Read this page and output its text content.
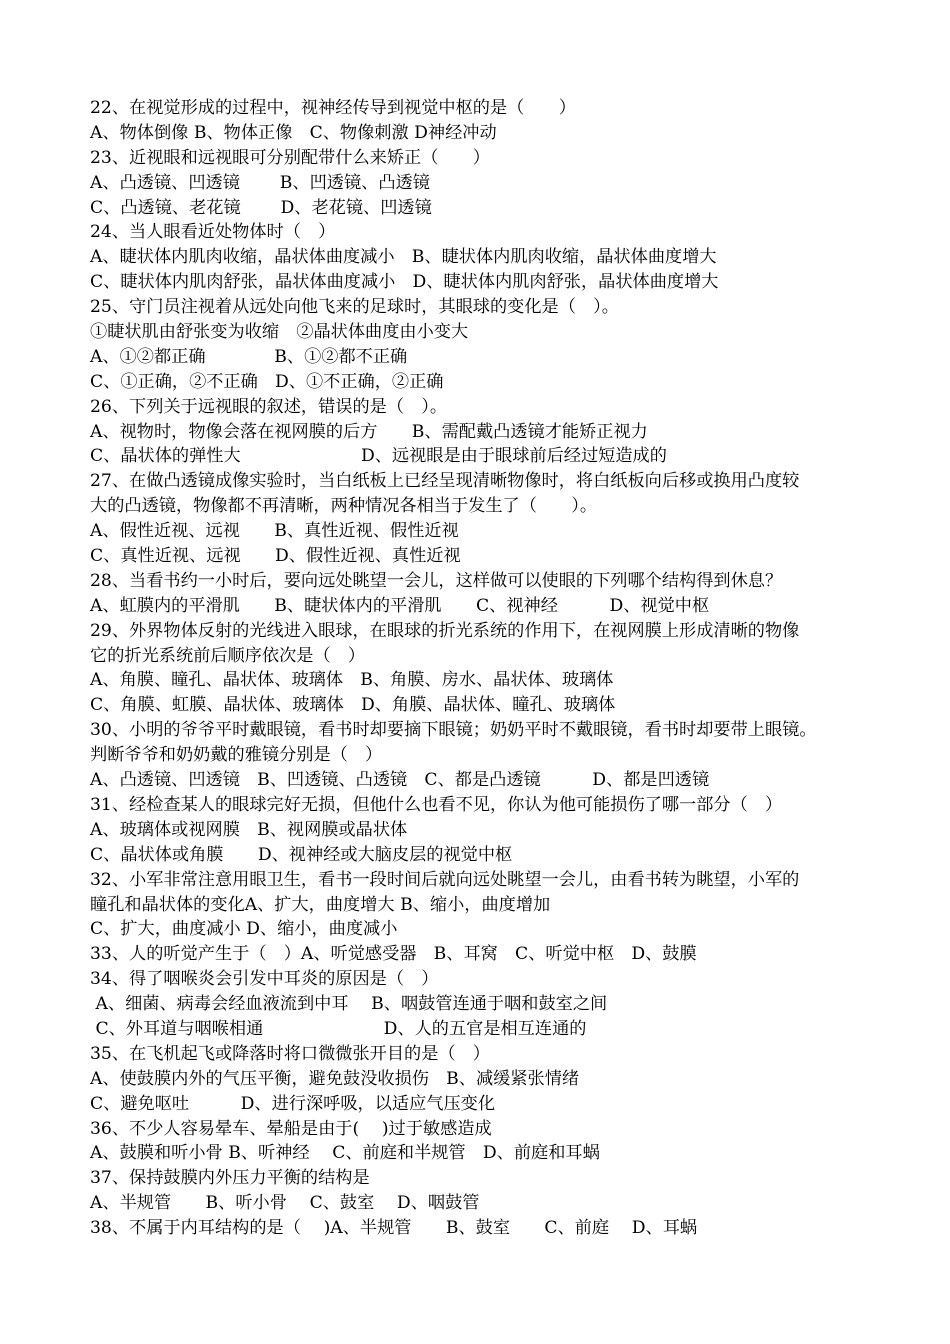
22、在视觉形成的过程中，视神经传导到视觉中枢的是（　　）
A、物体倒像 B、物体正像　C、物像刺激 D神经冲动
23、近视眼和远视眼可分别配带什么来矫正（　　）
A、凸透镜、凹透镜　　 B、凹透镜、凸透镜
C、凸透镜、老花镜　　 D、老花镜、凹透镜
24、当人眼看近处物体时（　）
A、睫状体内肌肉收缩，晶状体曲度减小　B、睫状体内肌肉收缩，晶状体曲度增大
C、睫状体内肌肉舒张，晶状体曲度减小　D、睫状体内肌肉舒张，晶状体曲度增大
25、守门员注视着从远处向他飞来的足球时，其眼球的变化是（　）。
①睫状肌由舒张变为收缩　②晶状体曲度由小变大
A、①②都正确　　　　B、①②都不正确
C、①正确，②不正确　D、①不正确，②正确
26、下列关于远视眼的叙述，错误的是（　）。
A、视物时，物像会落在视网膜的后方　　B、需配戴凸透镜才能矫正视力
C、晶状体的弹性大　　　　　　　D、远视眼是由于眼球前后经过短造成的
27、在做凸透镜成像实验时，当白纸板上已经呈现清晰物像时，将白纸板向后移或换用凸度较
大的凸透镜，物像都不再清晰，两种情况各相当于发生了（　　）。
A、假性近视、远视　　B、真性近视、假性近视
C、真性近视、远视　　D、假性近视、真性近视
28、当看书约一小时后，要向远处眺望一会儿，这样做可以使眼的下列哪个结构得到休息？
A、虹膜内的平滑肌　　B、睫状体内的平滑肌　　C、视神经　　　D、视觉中枢
29、外界物体反射的光线进入眼球，在眼球的折光系统的作用下，在视网膜上形成清晰的物像
它的折光系统前后顺序依次是（　）
A、角膜、瞳孔、晶状体、玻璃体　B、角膜、房水、晶状体、玻璃体
C、角膜、虹膜、晶状体、玻璃体　D、角膜、晶状体、瞳孔、玻璃体
30、小明的爷爷平时戴眼镜，看书时却要摘下眼镜；奶奶平时不戴眼镜，看书时却要带上眼镜。
判断爷爷和奶奶戴的雅镜分别是（　）
A、凸透镜、凹透镜　B、凹透镜、凸透镜　C、都是凸透镜　　　D、都是凹透镜
31、经检查某人的眼球完好无损，但他什么也看不见，你认为他可能损伤了哪一部分（　）
A、玻璃体或视网膜　B、视网膜或晶状体
C、晶状体或角膜　　D、视神经或大脑皮层的视觉中枢
32、小军非常注意用眼卫生，看书一段时间后就向远处眺望一会儿，由看书转为眺望，小军的
瞳孔和晶状体的变化A、扩大，曲度增大 B、缩小，曲度增加
C、扩大，曲度减小 D、缩小，曲度减小
33、人的听觉产生于（　）A、听觉感受器　B、耳窝　C、听觉中枢　D、鼓膜
34、得了咽喉炎会引发中耳炎的原因是（　）
A、细菌、病毒会经血液流到中耳　 B、咽鼓管连通于咽和鼓室之间
C、外耳道与咽喉相通　　　　　　　D、人的五官是相互连通的
35、在飞机起飞或降落时将口微微张开目的是（　）
A、使鼓膜内外的气压平衡，避免鼓没收损伤　B、减缓紧张情绪
C、避免呕吐　　　D、进行深呼吸，以适应气压变化
36、不少人容易晕车、晕船是由于(　 )过于敏感造成
A、鼓膜和听小骨 B、听神经　 C、前庭和半规管　D、前庭和耳蜗
37、保持鼓膜内外压力平衡的结构是
A、半规管　　B、听小骨　 C、鼓室　 D、咽鼓管
38、不属于内耳结构的是（　 )A、半规管　　B、鼓室　　C、前庭　 D、耳蜗
